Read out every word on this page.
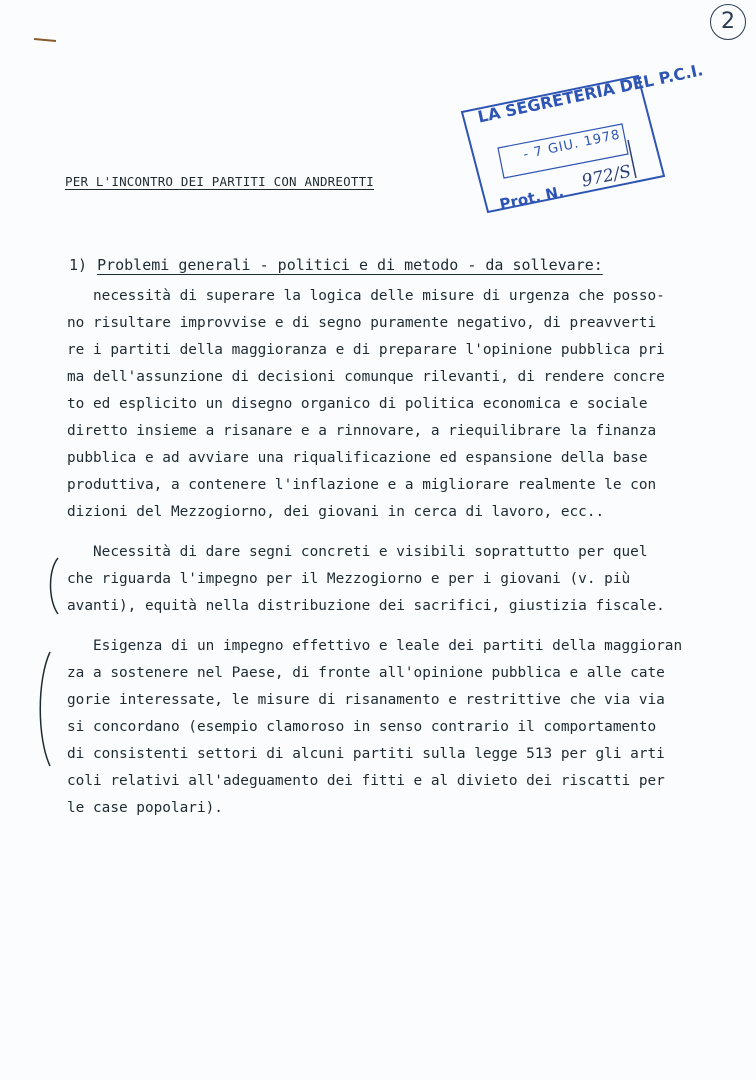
2
LA SEGRETERIA DEL P.C.I.
- 7 GIU. 1978
Prot. N.
972/S
PER L'INCONTRO DEI PARTITI CON ANDREOTTI
1) Problemi generali - politici e di metodo - da sollevare:
necessità di superare la logica delle misure di urgenza che posso-
no risultare improvvise e di segno puramente negativo, di preavverti
re i partiti della maggioranza e di preparare l'opinione pubblica pri
ma dell'assunzione di decisioni comunque rilevanti, di rendere concre
to ed esplicito un disegno organico di politica economica e sociale
diretto insieme a risanare e a rinnovare, a riequilibrare la finanza
pubblica e ad avviare una riqualificazione ed espansione della base
produttiva, a contenere l'inflazione e a migliorare realmente le con
dizioni del Mezzogiorno, dei giovani in cerca di lavoro, ecc..
Necessità di dare segni concreti e visibili soprattutto per quel
che riguarda l'impegno per il Mezzogiorno e per i giovani (v. più
avanti), equità nella distribuzione dei sacrifici, giustizia fiscale.
Esigenza di un impegno effettivo e leale dei partiti della maggioran
za a sostenere nel Paese, di fronte all'opinione pubblica e alle cate
gorie interessate, le misure di risanamento e restrittive che via via
si concordano (esempio clamoroso in senso contrario il comportamento
di consistenti settori di alcuni partiti sulla legge 513 per gli arti
coli relativi all'adeguamento dei fitti e al divieto dei riscatti per
le case popolari).
